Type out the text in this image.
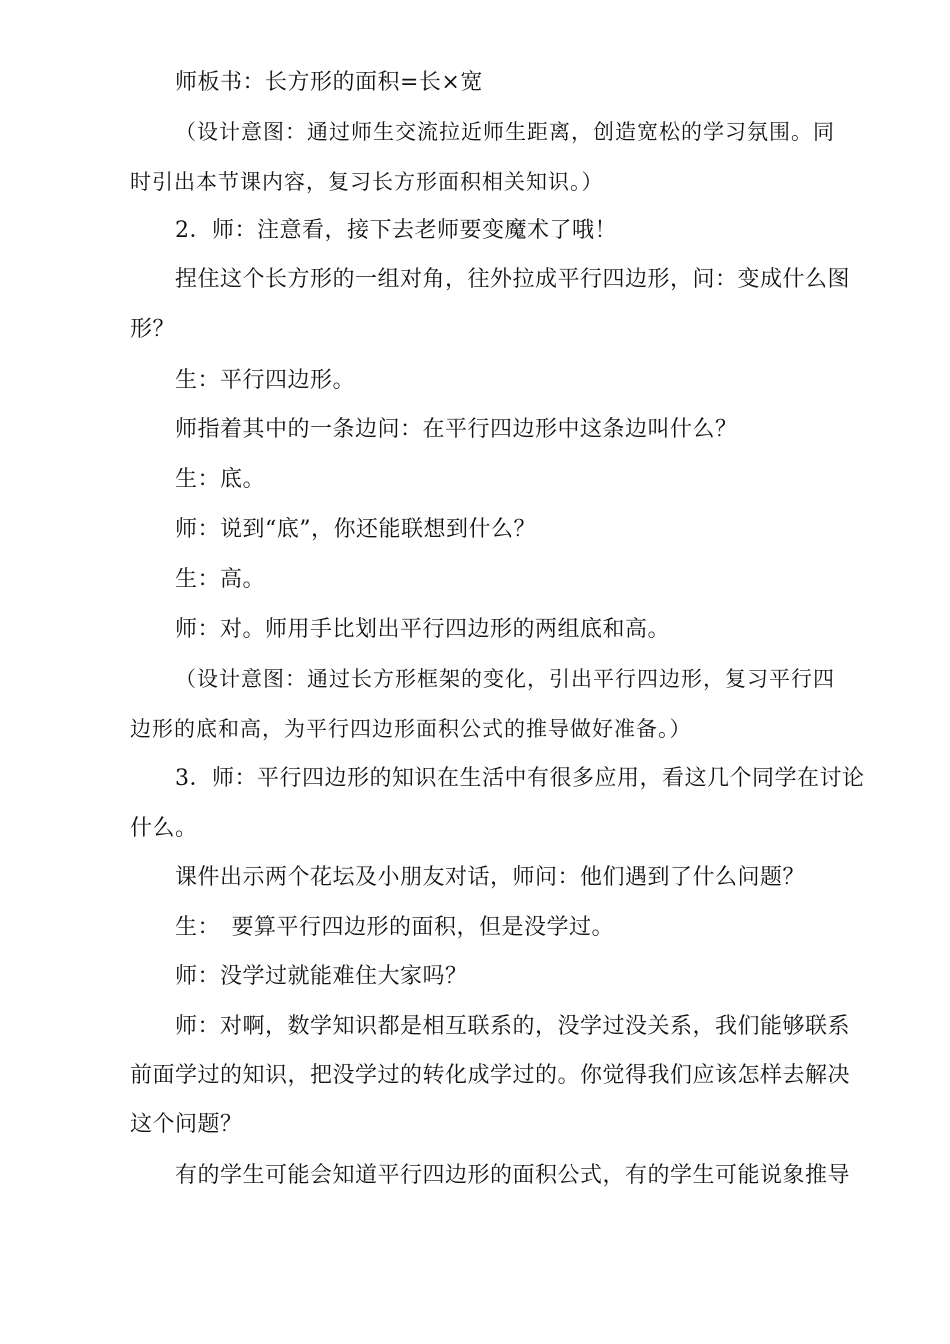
师板书：长方形的面积=长×宽
（设计意图：通过师生交流拉近师生距离，创造宽松的学习氛围。同
时引出本节课内容，复习长方形面积相关知识。）
2．师：注意看，接下去老师要变魔术了哦！
捏住这个长方形的一组对角，往外拉成平行四边形，问：变成什么图
形？
生：平行四边形。
师指着其中的一条边问：在平行四边形中这条边叫什么？
生：底。
师：说到“底”，你还能联想到什么？
生：高。
师：对。师用手比划出平行四边形的两组底和高。
（设计意图：通过长方形框架的变化，引出平行四边形，复习平行四
边形的底和高，为平行四边形面积公式的推导做好准备。）
3．师：平行四边形的知识在生活中有很多应用，看这几个同学在讨论
什么。
课件出示两个花坛及小朋友对话，师问：他们遇到了什么问题？
生：　要算平行四边形的面积，但是没学过。
师：没学过就能难住大家吗？
师：对啊，数学知识都是相互联系的，没学过没关系，我们能够联系
前面学过的知识，把没学过的转化成学过的。你觉得我们应该怎样去解决
这个问题？
有的学生可能会知道平行四边形的面积公式，有的学生可能说象推导
